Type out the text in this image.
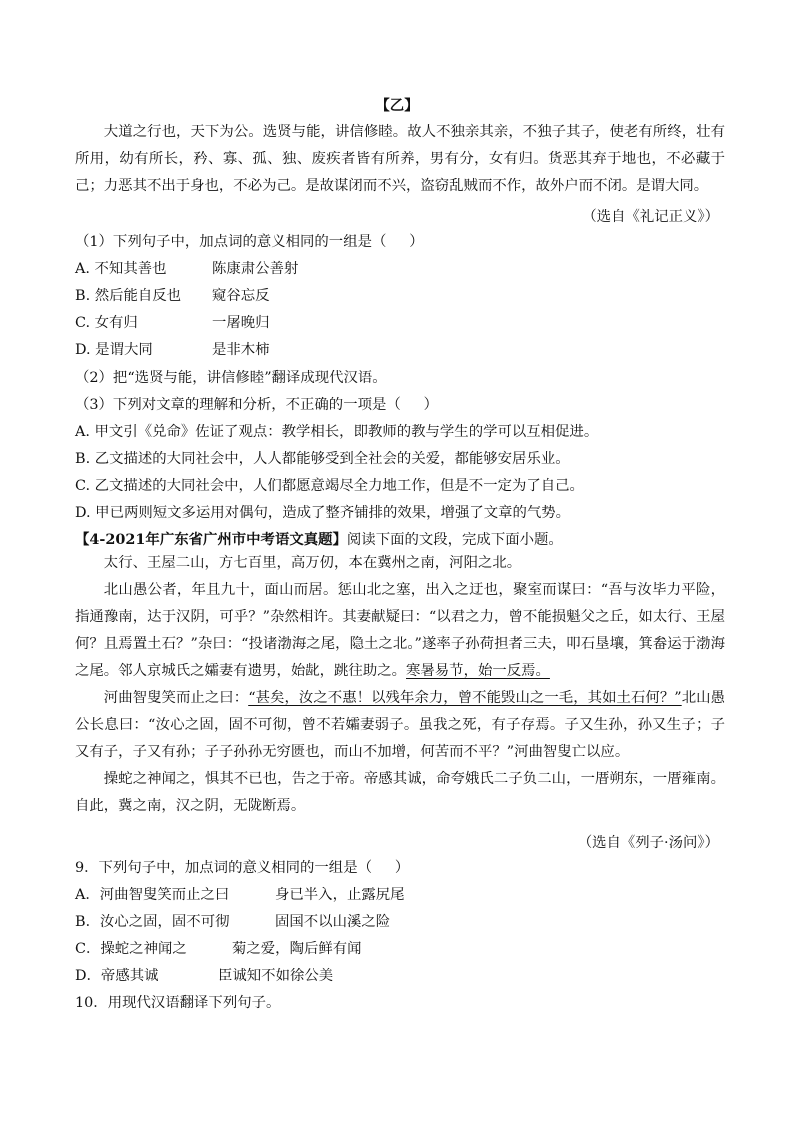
【乙】
大道之行也，天下为公。选贤与能，讲信修睦。故人不独亲其亲，不独子其子，使老有所终，壮有所用，幼有所长，矜、寡、孤、独、废疾者皆有所养，男有分，女有归。货恶其弃于地也，不必藏于己；力恶其不出于身也，不必为己。是故谋闭而不兴，盗窃乱贼而不作，故外户而不闭。是谓大同。
（选自《礼记正义》）
（1）下列句子中，加点词的意义相同的一组是（     ）
A. 不知其善也	陈康肃公善射
B. 然后能自反也 窥谷忘反
C. 女有归	一屠晚归
D. 是谓大同	是非木柿
（2）把“选贤与能，讲信修睦”翻译成现代汉语。
（3）下列对文章的理解和分析，不正确的一项是（     ）
A. 甲文引《兑命》佐证了观点：教学相长，即教师的教与学生的学可以互相促进。
B. 乙文描述的大同社会中，人人都能够受到全社会的关爱，都能够安居乐业。
C. 乙文描述的大同社会中，人们都愿意竭尽全力地工作，但是不一定为了自己。
D. 甲已两则短文多运用对偶句，造成了整齐铺排的效果，增强了文章的气势。
【4-2021年广东省广州市中考语文真题】阅读下面的文段，完成下面小题。
太行、王屋二山，方七百里，高万仞，本在冀州之南，河阳之北。
北山愚公者，年且九十，面山而居。惩山北之塞，出入之迂也，聚室而谋曰：“吾与汝毕力平险，指通豫南，达于汉阴，可乎？”杂然相许。其妻献疑曰：“以君之力，曾不能损魁父之丘，如太行、王屋何？且焉置土石？”杂曰：“投诸渤海之尾，隐土之北。”遂率子孙荷担者三夫，叩石垦壤，箕畚运于渤海之尾。邻人京城氏之孀妻有遗男，始龀，跳往助之。寒暑易节，始一反焉。
河曲智叟笑而止之曰：“甚矣，汝之不惠！以残年余力，曾不能毁山之一毛，其如土石何？”北山愚公长息曰：“汝心之固，固不可彻，曾不若孀妻弱子。虽我之死，有子存焉。子又生孙，孙又生子；子又有子，子又有孙；子子孙孙无穷匮也，而山不加增，何苦而不平？”河曲智叟亡以应。
操蛇之神闻之，惧其不已也，告之于帝。帝感其诚，命夸娥氏二子负二山，一厝朔东，一厝雍南。自此，冀之南，汉之阴，无陇断焉。
（选自《列子·汤问》）
9．下列句子中，加点词的意义相同的一组是（     ）
A．河曲智叟笑而止之曰	身已半入，止露尻尾
B．汝心之固，固不可彻	固国不以山溪之险
C．操蛇之神闻之	菊之爱，陶后鲜有闻
D．帝感其诚	臣诚知不如徐公美
10．用现代汉语翻译下列句子。
